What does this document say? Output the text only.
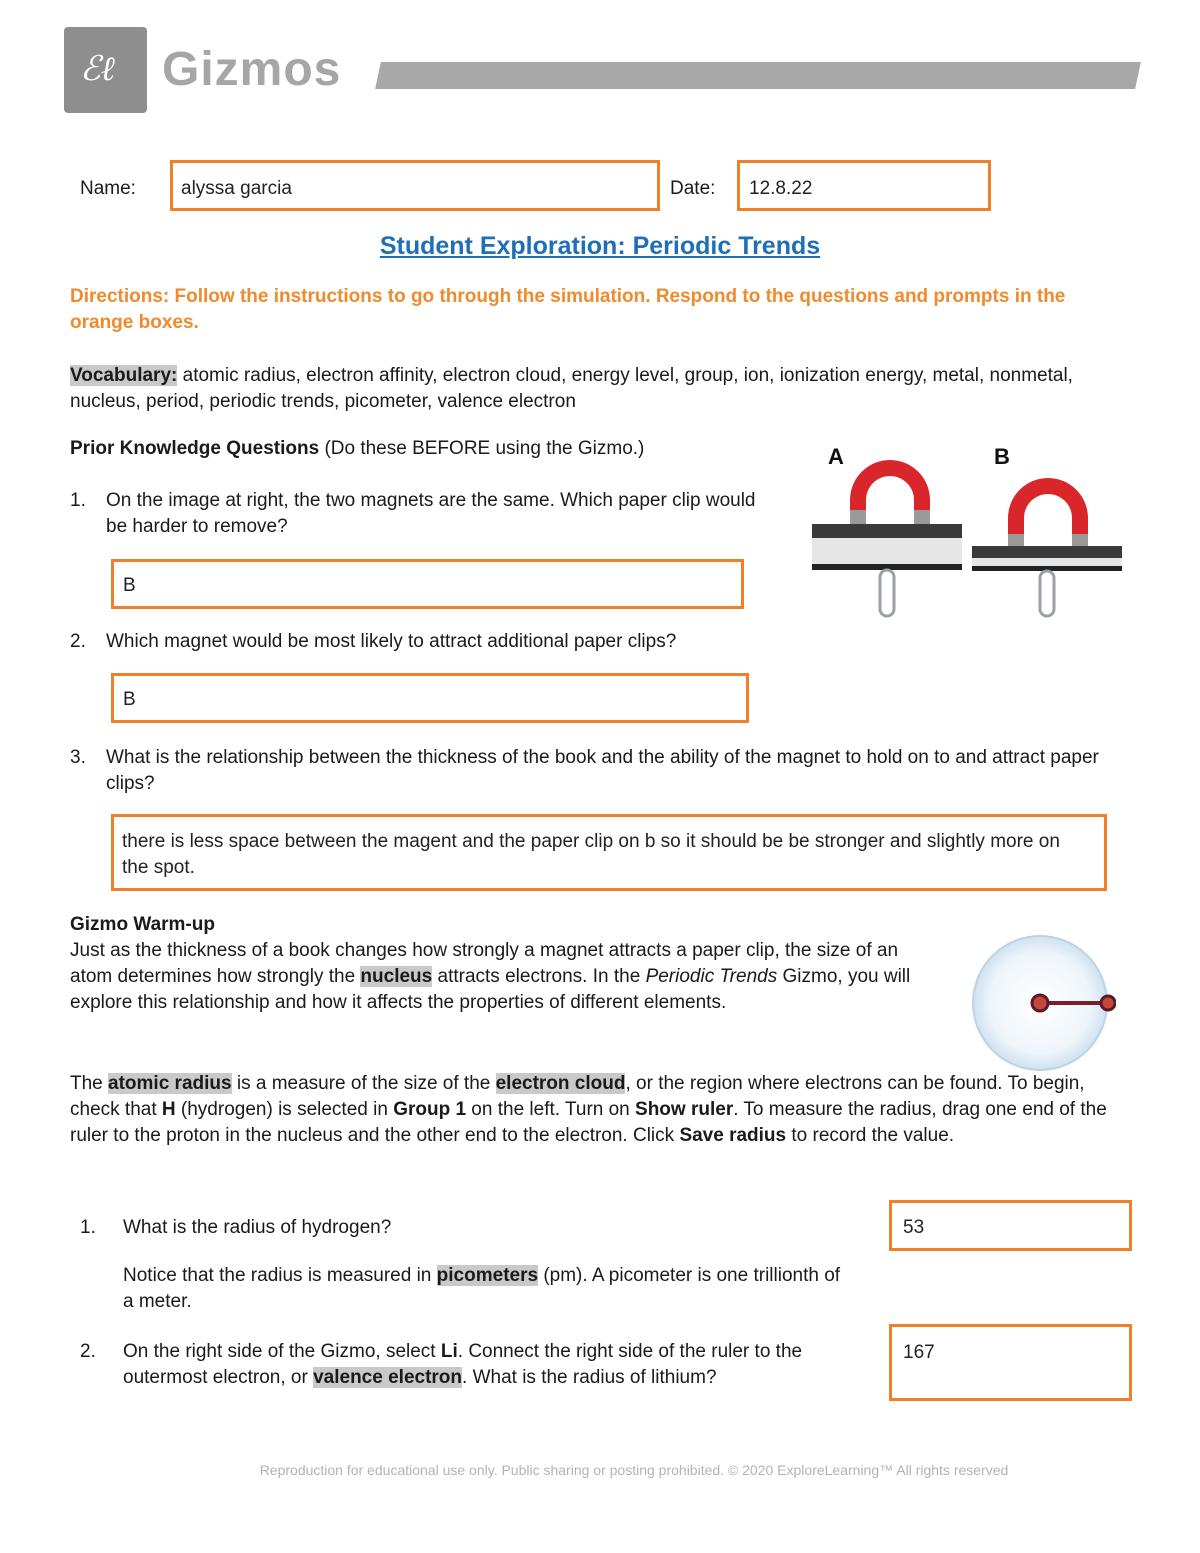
ℰℓ Gizmos
Name: alyssa garcia	Date: 12.8.22
Student Exploration: Periodic Trends
Directions: Follow the instructions to go through the simulation. Respond to the questions and prompts in the orange boxes.
Vocabulary: atomic radius, electron affinity, electron cloud, energy level, group, ion, ionization energy, metal, nonmetal, nucleus, period, periodic trends, picometer, valence electron
Prior Knowledge Questions (Do these BEFORE using the Gizmo.)
1. On the image at right, the two magnets are the same. Which paper clip would be harder to remove?
B
2. Which magnet would be most likely to attract additional paper clips?
B
3. What is the relationship between the thickness of the book and the ability of the magnet to hold on to and attract paper clips?
there is less space between the magent and the paper clip on b so it should be be stronger and slightly more on the spot.
A	B
Gizmo Warm-up
Just as the thickness of a book changes how strongly a magnet attracts a paper clip, the size of an atom determines how strongly the nucleus attracts electrons. In the Periodic Trends Gizmo, you will explore this relationship and how it affects the properties of different elements.
The atomic radius is a measure of the size of the electron cloud, or the region where electrons can be found. To begin, check that H (hydrogen) is selected in Group 1 on the left. Turn on Show ruler. To measure the radius, drag one end of the ruler to the proton in the nucleus and the other end to the electron. Click Save radius to record the value.
1. What is the radius of hydrogen?	53
Notice that the radius is measured in picometers (pm). A picometer is one trillionth of a meter.
2. On the right side of the Gizmo, select Li. Connect the right side of the ruler to the outermost electron, or valence electron. What is the radius of lithium?
167
Reproduction for educational use only. Public sharing or posting prohibited. © 2020 ExploreLearning™ All rights reserved
